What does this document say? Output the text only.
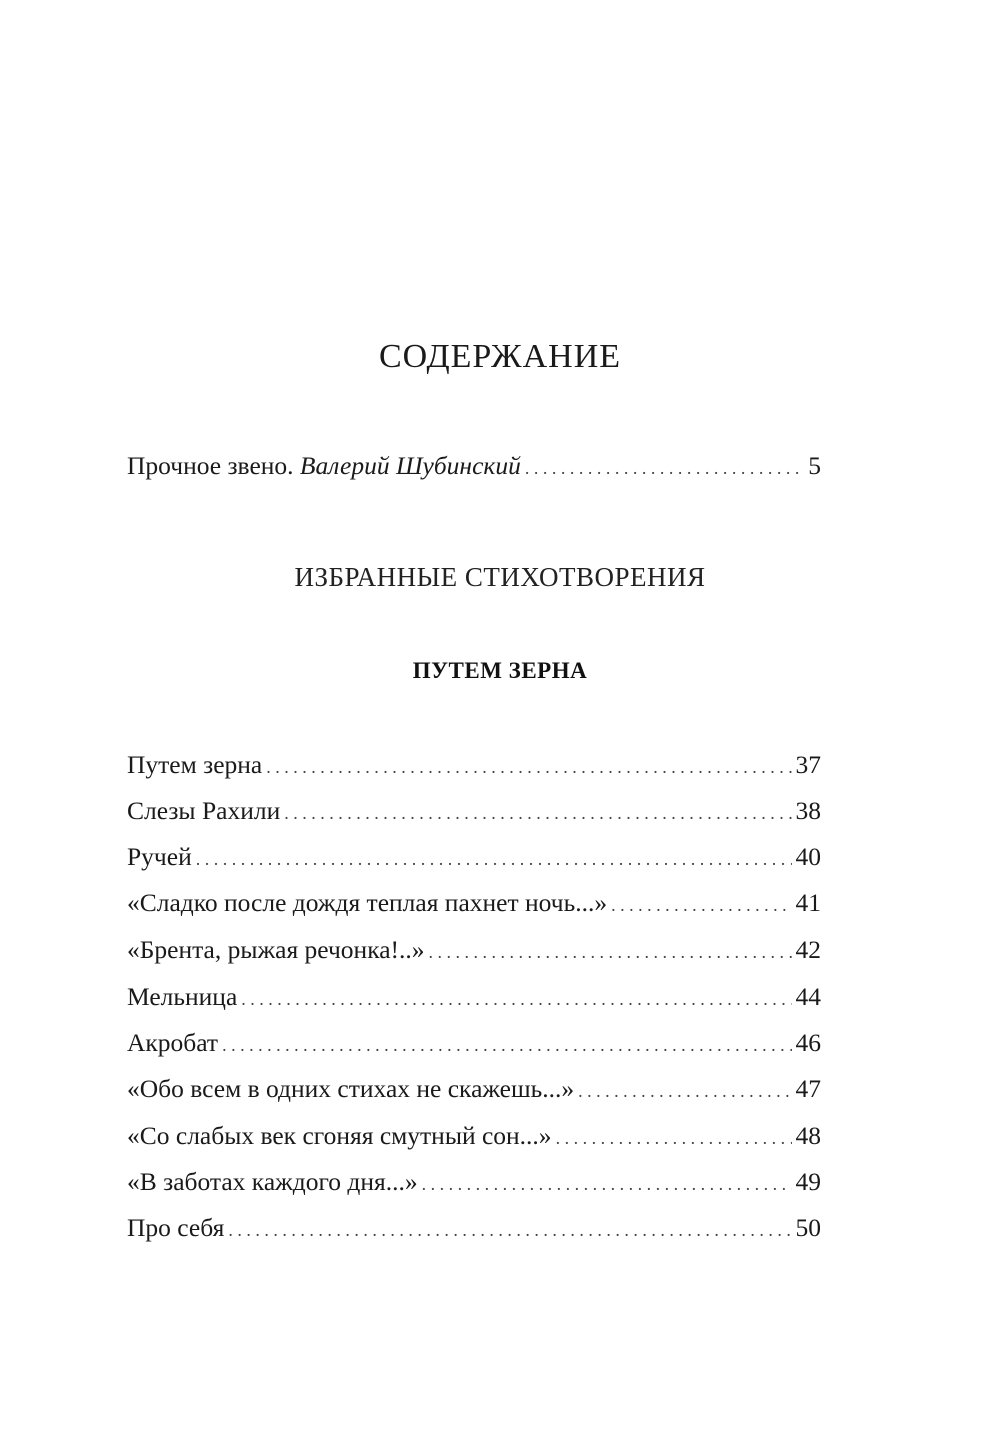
СОДЕРЖАНИЕ
Прочное звено. Валерий Шубинский . . .	5
ИЗБРАННЫЕ СТИХОТВОРЕНИЯ
ПУТЕМ ЗЕРНА
Путем зерна . . .	37
Слезы Рахили . . .	38
Ручей . . .	40
«Сладко после дождя теплая пахнет ночь...» . . .	41
«Брента, рыжая речонка!..» . . .	42
Мельница . . .	44
Акробат . . .	46
«Обо всем в одних стихах не скажешь...» . . .	47
«Со слабых век сгоняя смутный сон...» . . .	48
«В заботах каждого дня...» . . .	49
Про себя . . .	50
